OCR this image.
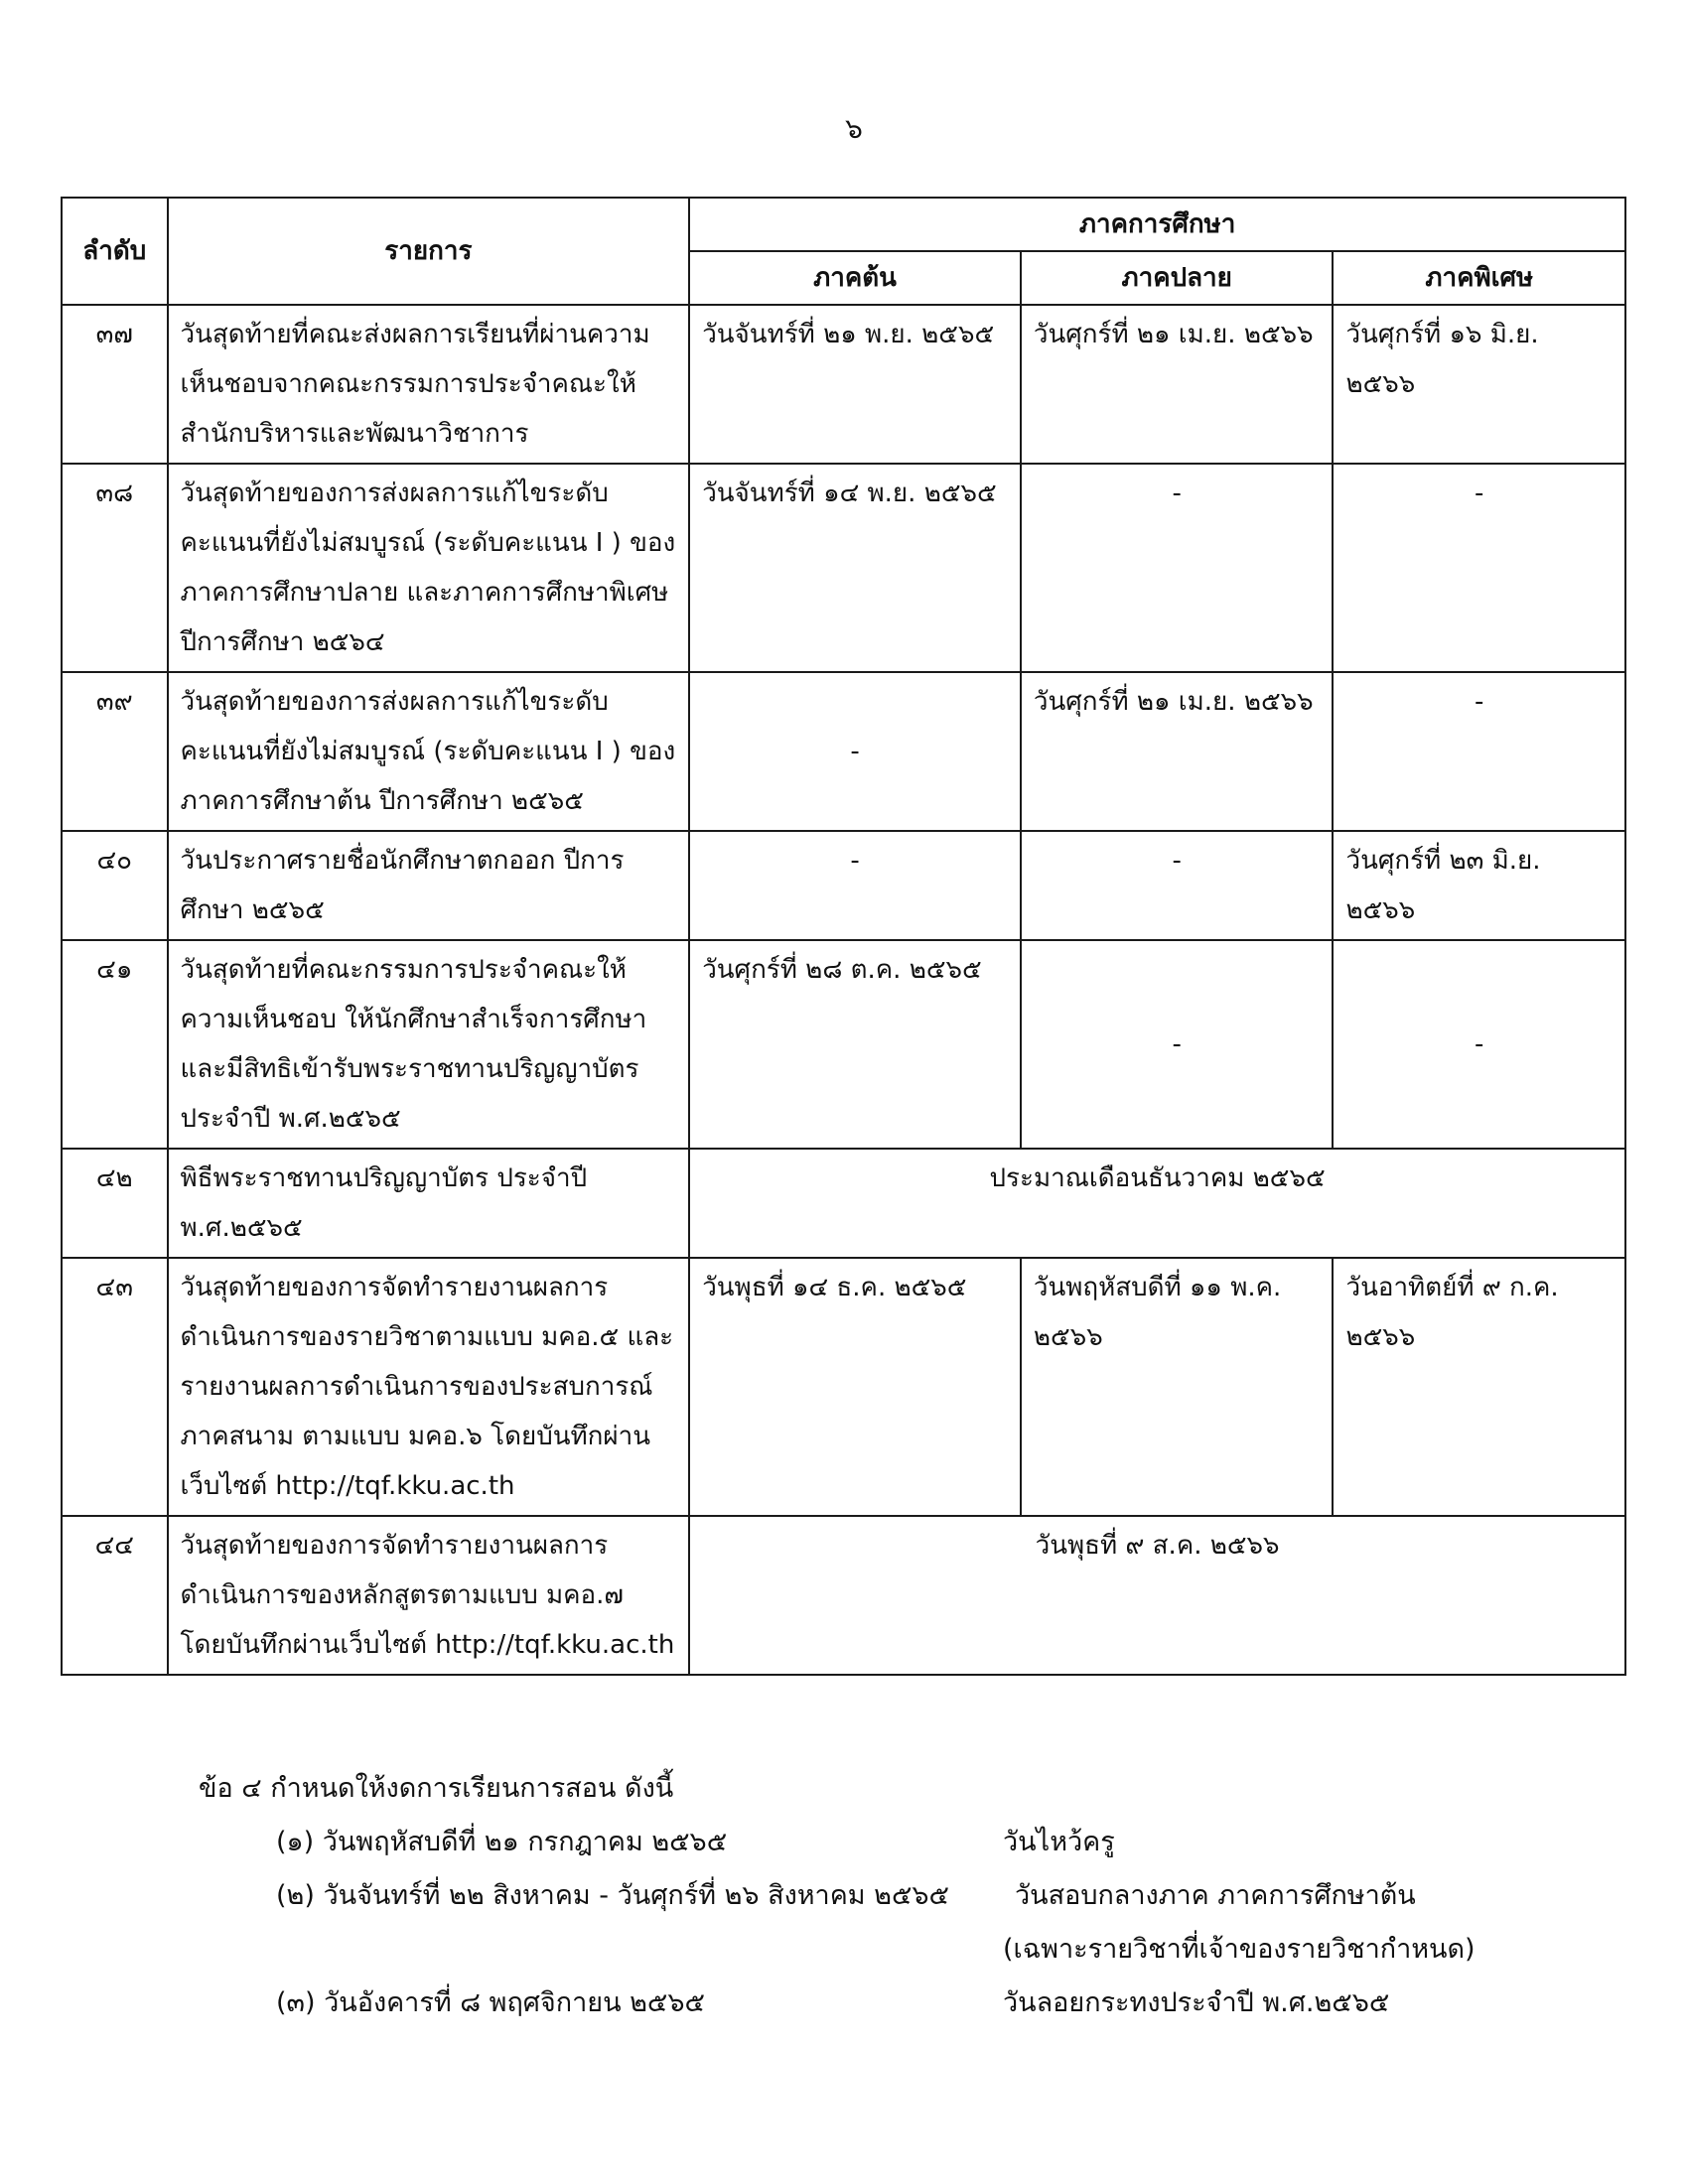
๖
ลำดับ	รายการ	ภาคการศึกษา		
		ภาคต้น	ภาคปลาย	ภาคพิเศษ
๓๗	วันสุดท้ายที่คณะส่งผลการเรียนที่ผ่านความเห็นชอบจากคณะกรรมการประจำคณะให้สำนักบริหารและพัฒนาวิชาการ	วันจันทร์ที่ ๒๑ พ.ย. ๒๕๖๕	วันศุกร์ที่ ๒๑ เม.ย. ๒๕๖๖	วันศุกร์ที่ ๑๖ มิ.ย. ๒๕๖๖
๓๘	วันสุดท้ายของการส่งผลการแก้ไขระดับคะแนนที่ยังไม่สมบูรณ์ (ระดับคะแนน I ) ของภาคการศึกษาปลาย และภาคการศึกษาพิเศษ ปีการศึกษา ๒๕๖๔	วันจันทร์ที่ ๑๔ พ.ย. ๒๕๖๕	-	-
๓๙	วันสุดท้ายของการส่งผลการแก้ไขระดับคะแนนที่ยังไม่สมบูรณ์ (ระดับคะแนน I ) ของภาคการศึกษาต้น ปีการศึกษา ๒๕๖๕	-	วันศุกร์ที่ ๒๑ เม.ย. ๒๕๖๖	-
๔๐	วันประกาศรายชื่อนักศึกษาตกออก ปีการศึกษา ๒๕๖๕	-	-	วันศุกร์ที่ ๒๓ มิ.ย. ๒๕๖๖
๔๑	วันสุดท้ายที่คณะกรรมการประจำคณะให้ความเห็นชอบ ให้นักศึกษาสำเร็จการศึกษาและมีสิทธิเข้ารับพระราชทานปริญญาบัตรประจำปี พ.ศ.๒๕๖๕	วันศุกร์ที่ ๒๘ ต.ค. ๒๕๖๕	-	-
๔๒	พิธีพระราชทานปริญญาบัตร ประจำปี พ.ศ.๒๕๖๕	ประมาณเดือนธันวาคม ๒๕๖๕		
๔๓	วันสุดท้ายของการจัดทำรายงานผลการดำเนินการของรายวิชาตามแบบ มคอ.๕ และรายงานผลการดำเนินการของประสบการณ์ภาคสนาม ตามแบบ มคอ.๖ โดยบันทึกผ่านเว็บไซต์ http://tqf.kku.ac.th	วันพุธที่ ๑๔ ธ.ค. ๒๕๖๕	วันพฤหัสบดีที่ ๑๑ พ.ค. ๒๕๖๖	วันอาทิตย์ที่ ๙ ก.ค. ๒๕๖๖
๔๔	วันสุดท้ายของการจัดทำรายงานผลการดำเนินการของหลักสูตรตามแบบ มคอ.๗ โดยบันทึกผ่านเว็บไซต์ http://tqf.kku.ac.th	วันพุธที่ ๙ ส.ค. ๒๕๖๖		
ข้อ ๔ กำหนดให้งดการเรียนการสอน ดังนี้
(๑) วันพฤหัสบดีที่ ๒๑ กรกฎาคม ๒๕๖๕	วันไหว้ครู
(๒) วันจันทร์ที่ ๒๒ สิงหาคม - วันศุกร์ที่ ๒๖ สิงหาคม ๒๕๖๕ วันสอบกลางภาค ภาคการศึกษาต้น
(เฉพาะรายวิชาที่เจ้าของรายวิชากำหนด)
(๓) วันอังคารที่ ๘ พฤศจิกายน ๒๕๖๕	วันลอยกระทงประจำปี พ.ศ.๒๕๖๕
